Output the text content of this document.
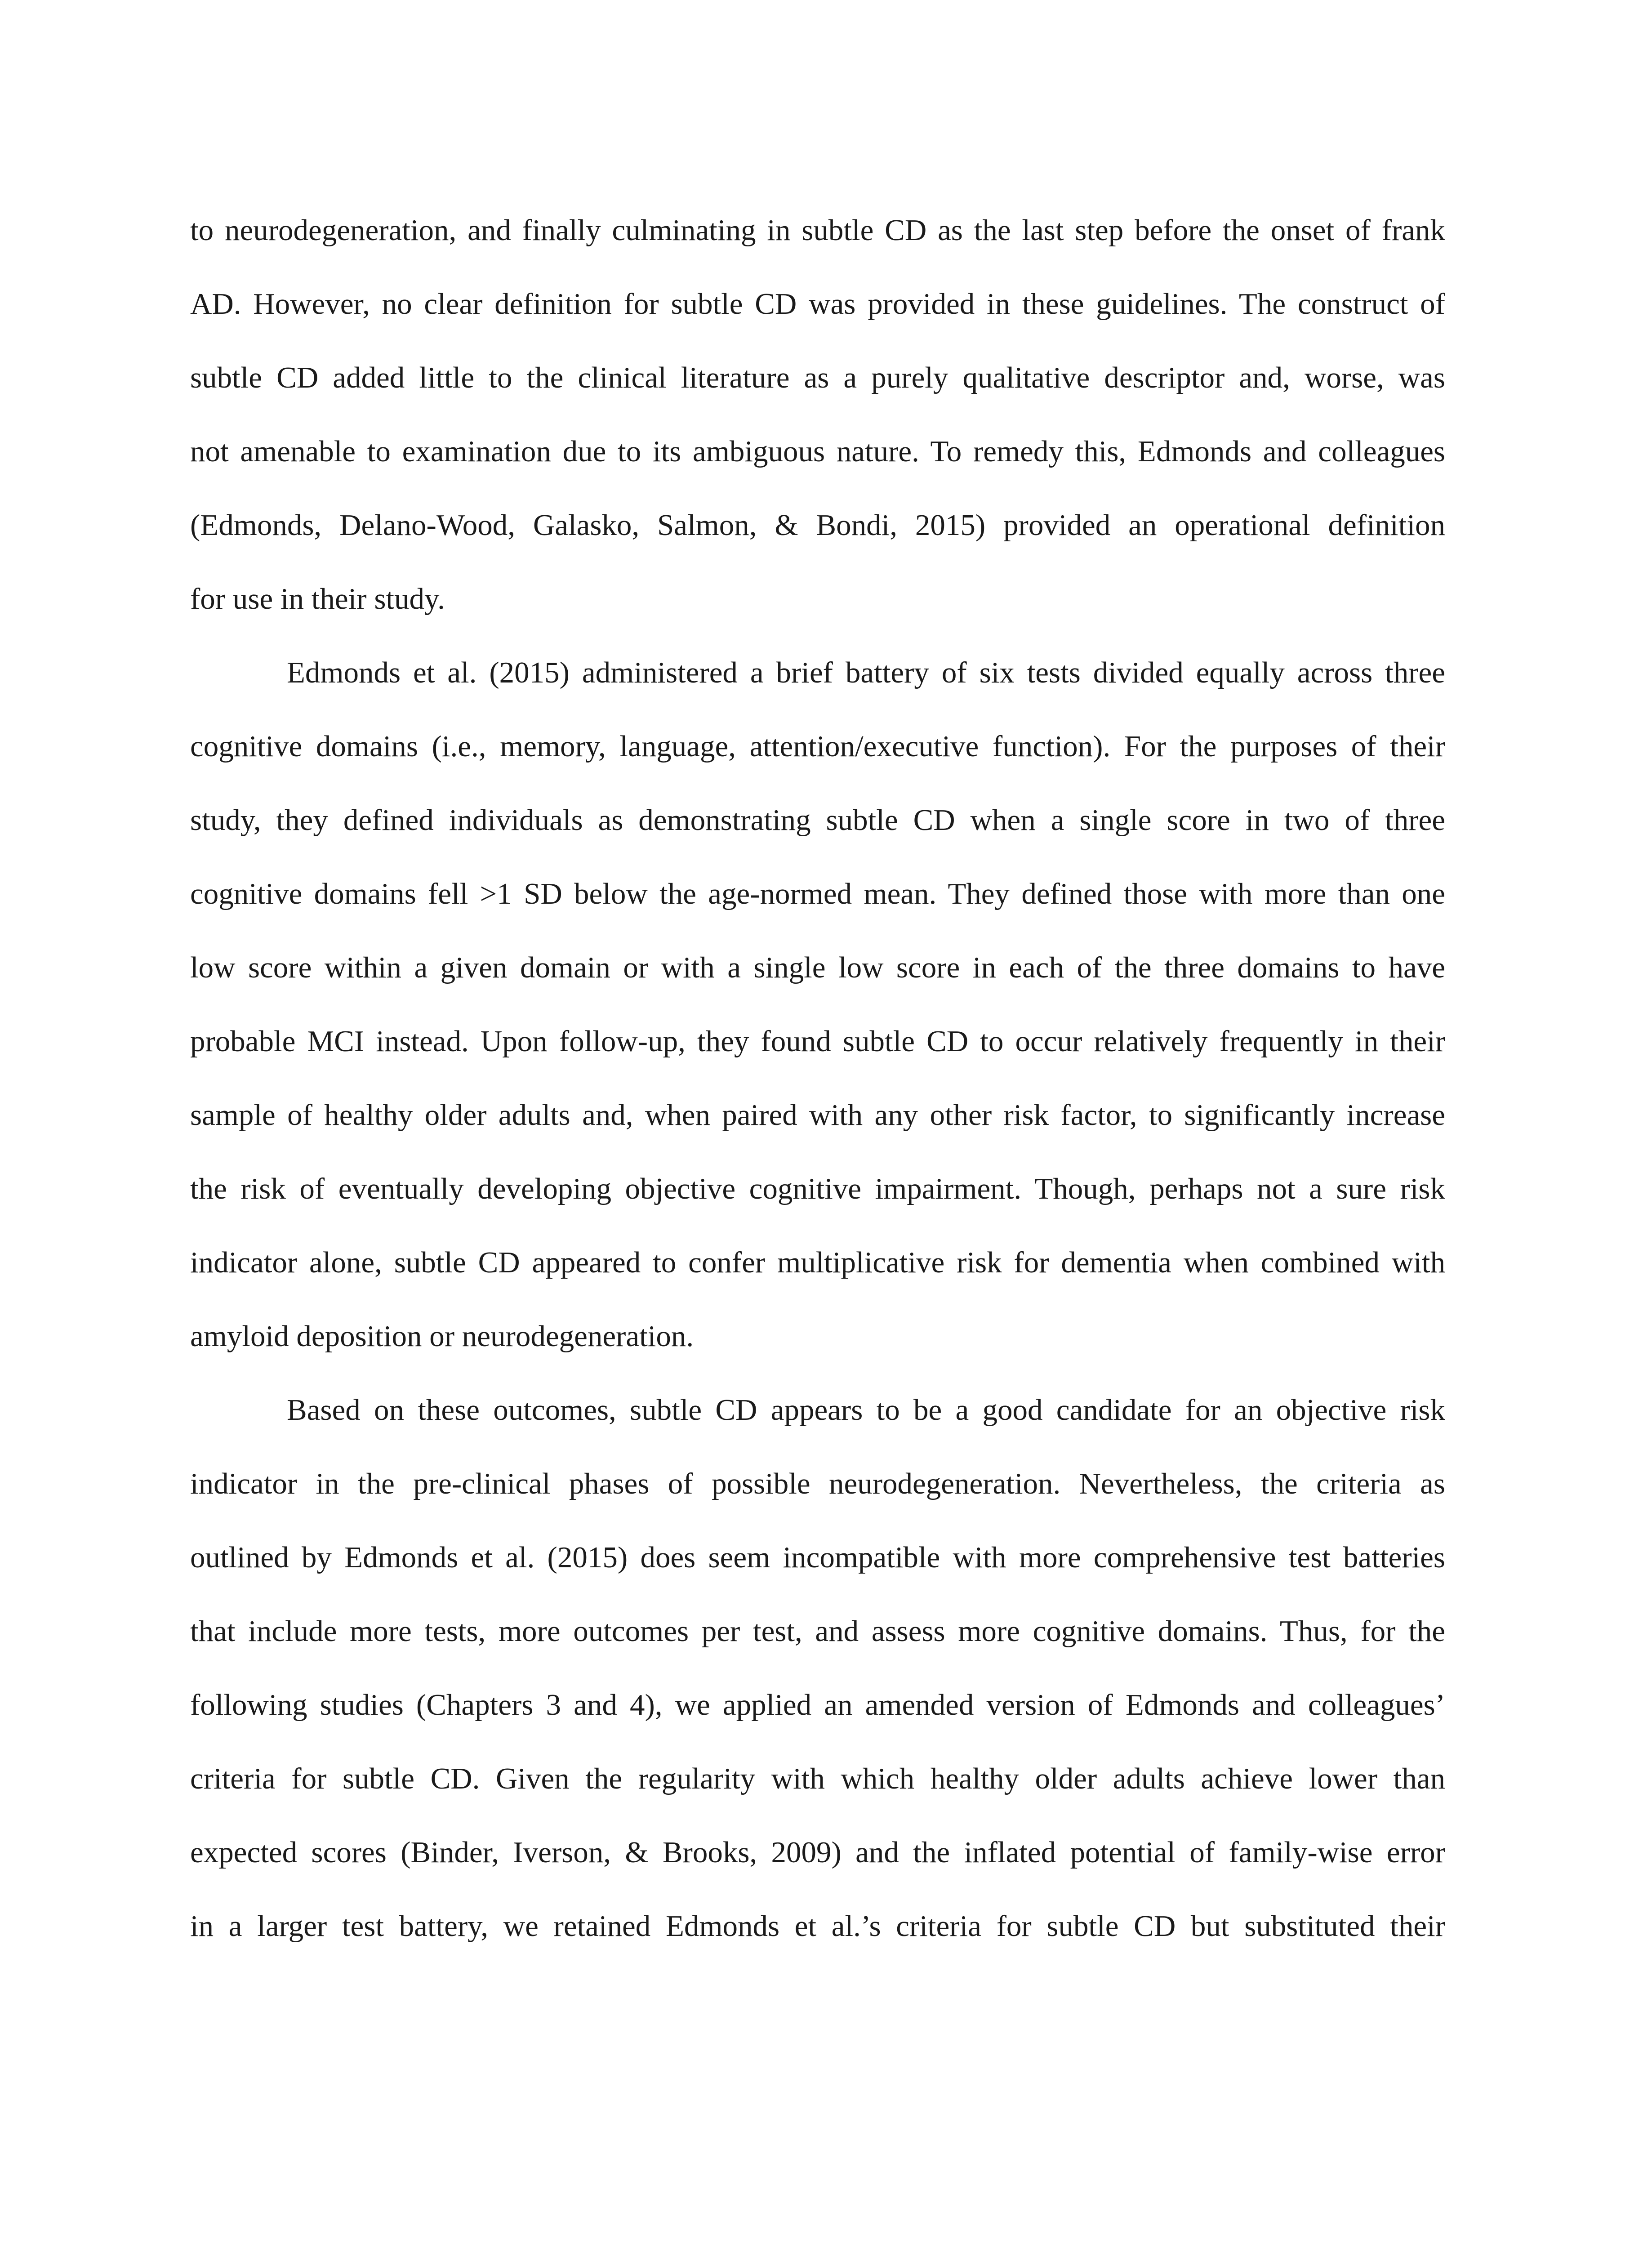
to neurodegeneration, and finally culminating in subtle CD as the last step before the onset of frank
AD. However, no clear definition for subtle CD was provided in these guidelines. The construct of
subtle CD added little to the clinical literature as a purely qualitative descriptor and, worse, was
not amenable to examination due to its ambiguous nature. To remedy this, Edmonds and colleagues
(Edmonds, Delano-Wood, Galasko, Salmon, & Bondi, 2015) provided an operational definition
for use in their study.
Edmonds et al. (2015) administered a brief battery of six tests divided equally across three
cognitive domains (i.e., memory, language, attention/executive function). For the purposes of their
study, they defined individuals as demonstrating subtle CD when a single score in two of three
cognitive domains fell >1 SD below the age-normed mean. They defined those with more than one
low score within a given domain or with a single low score in each of the three domains to have
probable MCI instead. Upon follow-up, they found subtle CD to occur relatively frequently in their
sample of healthy older adults and, when paired with any other risk factor, to significantly increase
the risk of eventually developing objective cognitive impairment. Though, perhaps not a sure risk
indicator alone, subtle CD appeared to confer multiplicative risk for dementia when combined with
amyloid deposition or neurodegeneration.
Based on these outcomes, subtle CD appears to be a good candidate for an objective risk
indicator in the pre-clinical phases of possible neurodegeneration. Nevertheless, the criteria as
outlined by Edmonds et al. (2015) does seem incompatible with more comprehensive test batteries
that include more tests, more outcomes per test, and assess more cognitive domains. Thus, for the
following studies (Chapters 3 and 4), we applied an amended version of Edmonds and colleagues’
criteria for subtle CD. Given the regularity with which healthy older adults achieve lower than
expected scores (Binder, Iverson, & Brooks, 2009) and the inflated potential of family-wise error
in a larger test battery, we retained Edmonds et al.’s criteria for subtle CD but substituted their
